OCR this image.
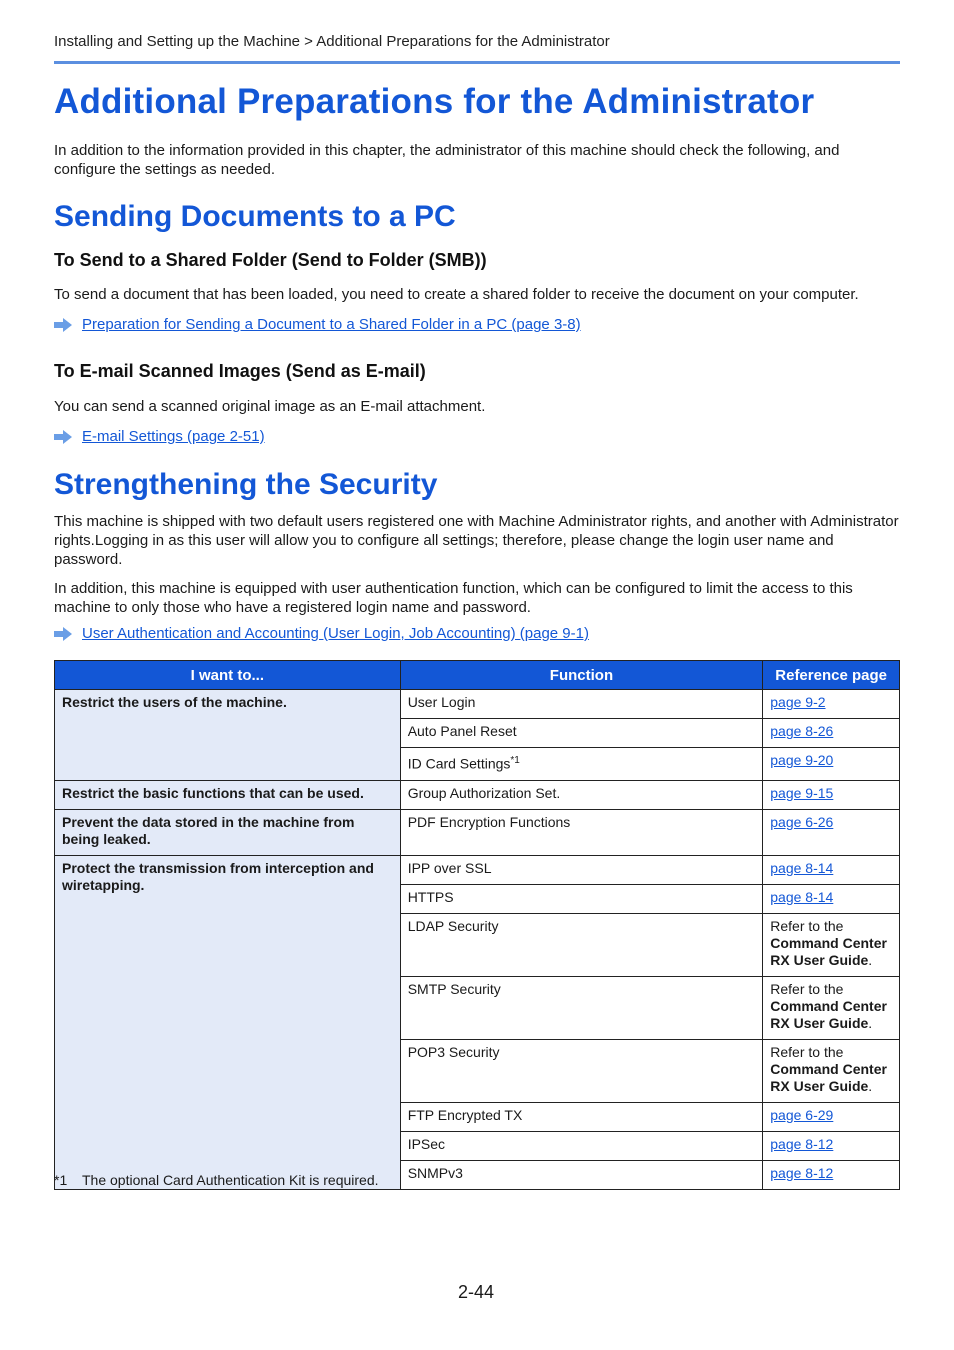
Installing and Setting up the Machine > Additional Preparations for the Administrator
Additional Preparations for the Administrator

In addition to the information provided in this chapter, the administrator of this machine should check the following, and configure the settings as needed.

Sending Documents to a PC
To Send to a Shared Folder (Send to Folder (SMB))

To send a document that has been loaded, you need to create a shared folder to receive the document on your computer.

Preparation for Sending a Document to a Shared Folder in a PC (page 3-8)
To E-mail Scanned Images (Send as E-mail)

You can send a scanned original image as an E-mail attachment.

E-mail Settings (page 2-51)
Strengthening the Security

This machine is shipped with two default users registered one with Machine Administrator rights, and another with Administrator rights.Logging in as this user will allow you to configure all settings; therefore, please change the login user name and password.

In addition, this machine is equipped with user authentication function, which can be configured to limit the access to this machine to only those who have a registered login name and password.

User Authentication and Accounting (User Login, Job Accounting) (page 9-1)
I want to...	Function	Reference page
Restrict the users of the machine.	User Login	page 9-2
	Auto Panel Reset	page 8-26
	ID Card Settings$^{*1}$	page 9-20
Restrict the basic functions that can be used.	Group Authorization Set.	page 9-15
Prevent the data stored in the machine from being leaked.	PDF Encryption Functions	page 6-26
Protect the transmission from interception and wiretapping.	IPP over SSL	page 8-14
	HTTPS	page 8-14
	LDAP Security	Refer to the
Command Center RX User Guide.
	SMTP Security	Refer to the
Command Center RX User Guide.
	POP3 Security	Refer to the
Command Center RX User Guide.
	FTP Encrypted TX	page 6-29
	IPSec	page 8-12
	SNMPv3	page 8-12
*1 The optional Card Authentication Kit is required.
2-44
